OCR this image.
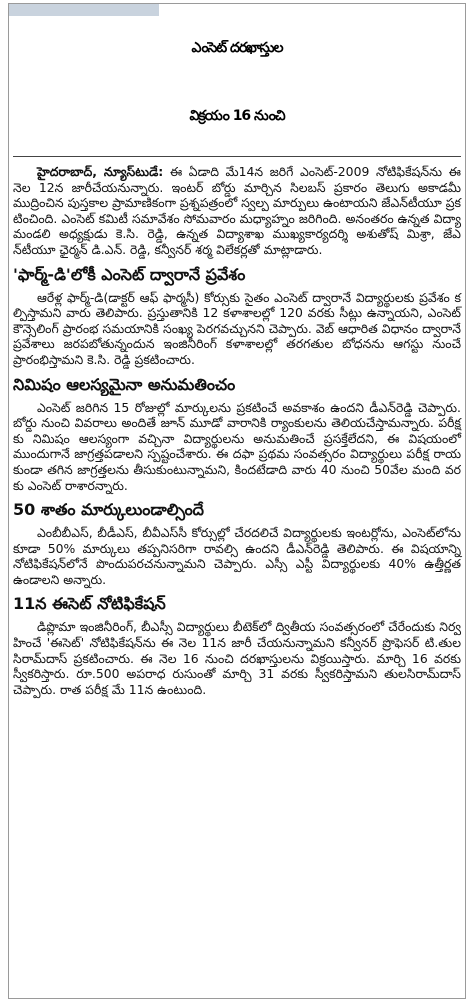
ఎంసెట్ దరఖాస్తుల
విక్రయం 16 నుంచి

హైదరాబాద్, న్యూస్‌టుడే: ఈ ఏడాది మే14న జరిగే ఎంసెట్-2009 నోటిఫికేషన్‌ను ఈ నెల 12న జారీచేయనున్నారు. ఇంటర్ బోర్డు మార్చిన సిలబస్ ప్రకారం తెలుగు అకాడమీ ముద్రించిన పుస్తకాల ప్రామాణికంగా ప్రశ్నపత్రంలో స్వల్ప మార్పులు ఉంటాయని జేఎన్‌టీయూ ప్రకటించింది. ఎంసెట్ కమిటీ సమావేశం సోమవారం మధ్యాహ్నం జరిగింది. అనంతరం ఉన్నత విద్యా మండలి అధ్యక్షుడు కె.సి. రెడ్డి, ఉన్నత విద్యాశాఖ ముఖ్యకార్యదర్శి అశుతోష్ మిశ్రా, జేఎన్‌టీయూ ఛైర్మన్ డి.ఎన్. రెడ్డి, కన్వీనర్ శర్మ విలేకర్లతో మాట్లాడారు.

'ఫార్మ్-డి'లోకీ ఎంసెట్ ద్వారానే ప్రవేశం

ఆరేళ్ల ఫార్మ్-డి(డాక్టర్ ఆఫ్ ఫార్మసీ) కోర్సుకు సైతం ఎంసెట్ ద్వారానే విద్యార్థులకు ప్రవేశం కల్పిస్తామని వారు తెలిపారు. ప్రస్తుతానికి 12 కళాశాలల్లో 120 వరకు సీట్లు ఉన్నాయని, ఎంసెట్ కౌన్సెలింగ్ ప్రారంభ సమయానికి సంఖ్య పెరగవచ్చునని చెప్పారు. వెబ్ ఆధారిత విధానం ద్వారానే ప్రవేశాలు జరపబోతున్నందున ఇంజినీరింగ్ కళాశాలల్లో తరగతుల బోధనను ఆగస్టు నుంచే ప్రారంభిస్తామని కె.సి. రెడ్డి ప్రకటించారు.

నిమిషం ఆలస్యమైనా అనుమతించం

ఎంసెట్ జరిగిన 15 రోజుల్లో మార్కులను ప్రకటించే అవకాశం ఉందని డీఎన్‌రెడ్డి చెప్పారు. బోర్డు నుంచి వివరాలు అందితే జూన్ మూడో వారానికి ర్యాంకులను తెలియచేస్తామన్నారు. పరీక్షకు నిమిషం ఆలస్యంగా వచ్చినా విద్యార్థులను అనుమతించే ప్రసక్తేలేదని, ఈ విషయంలో ముందుగానే జాగ్రత్తపడాలని స్పష్టంచేశారు. ఈ దఫా ప్రథమ సంవత్సరం విద్యార్థులు పరీక్ష రాయకుండా తగిన జాగ్రత్తలను తీసుకుంటున్నామని, కిందటేడాది వారు 40 నుంచి 50వేల మంది వరకు ఎంసెట్ రాశారన్నారు.

50 శాతం మార్కులుండాల్సిందే

ఎంబీబీఎస్, బీడీఎస్, బీవీఎస్‌సీ కోర్సుల్లో చేరదలిచే విద్యార్థులకు ఇంటర్లోను, ఎంసెట్‌లోను కూడా 50% మార్కులు తప్పనిసరిగా రావల్సి ఉందని డీఎన్‌రెడ్డి తెలిపారు. ఈ విషయాన్ని నోటిఫికేషన్‌లోనే పొందుపరచనున్నామని చెప్పారు. ఎస్సీ ఎస్టీ విద్యార్థులకు 40% ఉత్తీర్ణత ఉండాలని అన్నారు.

11న ఈసెట్ నోటిఫికేషన్

డిప్లొమా ఇంజినీరింగ్, బీఎస్సీ విద్యార్థులు బీటెక్‌లో ద్వితీయ సంవత్సరంలో చేరేందుకు నిర్వహించే 'ఈసెట్' నోటిఫికేషన్‌ను ఈ నెల 11న జారీ చేయనున్నామని కన్వీనర్ ప్రొఫెసర్ టి.తులసిరామ్‌దాస్ ప్రకటించారు. ఈ నెల 16 నుంచి దరఖాస్తులను విక్రయిస్తారు. మార్చి 16 వరకు స్వీకరిస్తారు. రూ.500 అపరాధ రుసుంతో మార్చి 31 వరకు స్వీకరిస్తామని తులసిరామ్‌దాస్ చెప్పారు. రాత పరీక్ష మే 11న ఉంటుంది.
